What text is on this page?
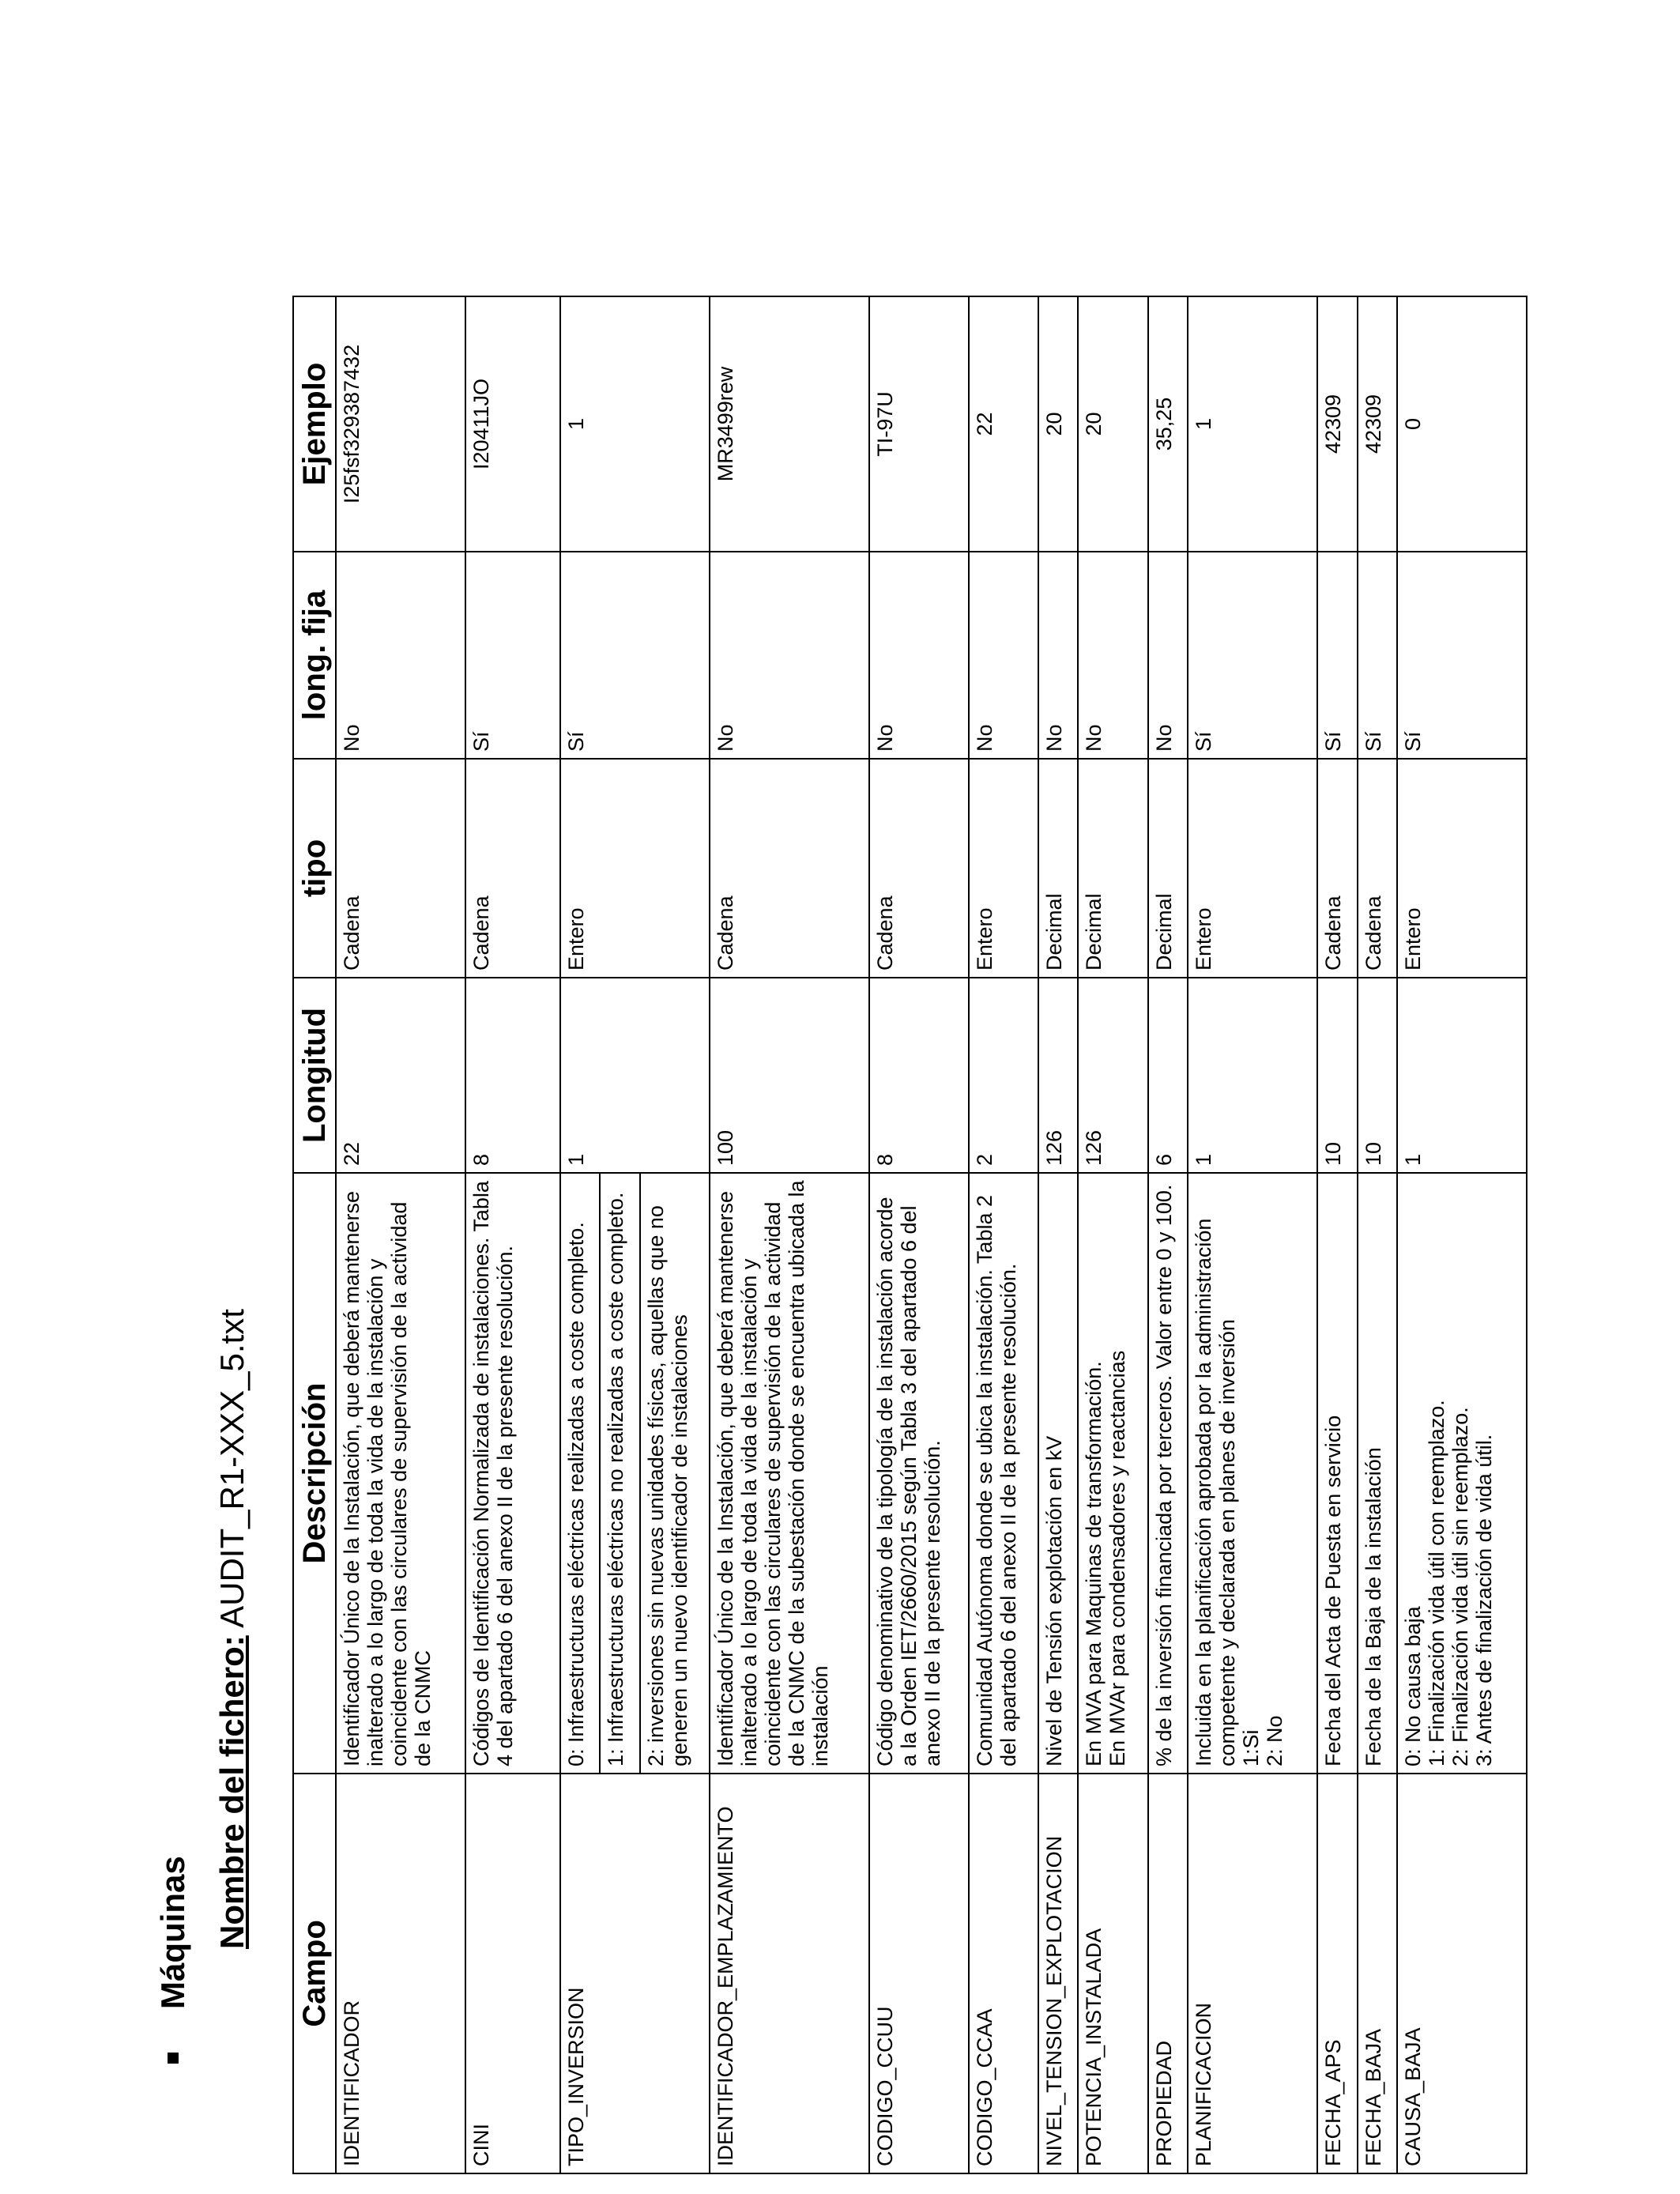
Máquinas Nombre del fichero: AUDIT_R1-XXX_5.txt
Campo	Descripción	Longitud	tipo	long. fija	Ejemplo
IDENTIFICADOR	Identificador Único de la Instalación, que deberá mantenerse inalterado a lo largo de toda la vida de la instalación y coincidente con las circulares de supervisión de la actividad de la CNMC	22	Cadena	No	I25fsf329387432
CINI	Códigos de Identificación Normalizada de instalaciones. Tabla 4 del apartado 6 del anexo II de la presente resolución.	8	Cadena	Sí	I20411JO
TIPO_INVERSION	0: Infraestructuras eléctricas realizadas a coste completo.	1	Entero	Sí	1
	1: Infraestructuras eléctricas no realizadas a coste completo.				
	2: inversiones sin nuevas unidades físicas, aquellas que no generen un nuevo identificador de instalaciones				
IDENTIFICADOR_EMPLAZAMIENTO	Identificador Único de la Instalación, que deberá mantenerse inalterado a lo largo de toda la vida de la instalación y coincidente con las circulares de supervisión de la actividad de la CNMC de la subestación donde se encuentra ubicada la instalación	100	Cadena	No	MR3499rew
CODIGO_CCUU	Código denominativo de la tipología de la instalación acorde a la Orden IET/2660/2015 según Tabla 3 del apartado 6 del anexo II de la presente resolución.	8	Cadena	No	TI-97U
CODIGO_CCAA	Comunidad Autónoma donde se ubica la instalación. Tabla 2 del apartado 6 del anexo II de la presente resolución.	2	Entero	No	22
NIVEL_TENSION_EXPLOTACION	Nivel de Tensión explotación en kV	126	Decimal	No	20
POTENCIA_INSTALADA	En MVA para Maquinas de transformación.
En MVAr para condensadores y reactancias	126	Decimal	No	20
PROPIEDAD	% de la inversión financiada por terceros. Valor entre 0 y 100.	6	Decimal	No	35,25
PLANIFICACION	Incluida en la planificación aprobada por la administración competente y declarada en planes de inversión
1:Si
2: No	1	Entero	Sí	1
FECHA_APS	Fecha del Acta de Puesta en servicio	10	Cadena	Sí	42309
FECHA_BAJA	Fecha de la Baja de la instalación	10	Cadena	Sí	42309
CAUSA_BAJA	0: No causa baja
1: Finalización vida útil con reemplazo.
2: Finalización vida útil sin reemplazo.
3: Antes de finalización de vida útil.	1	Entero	Sí	0
